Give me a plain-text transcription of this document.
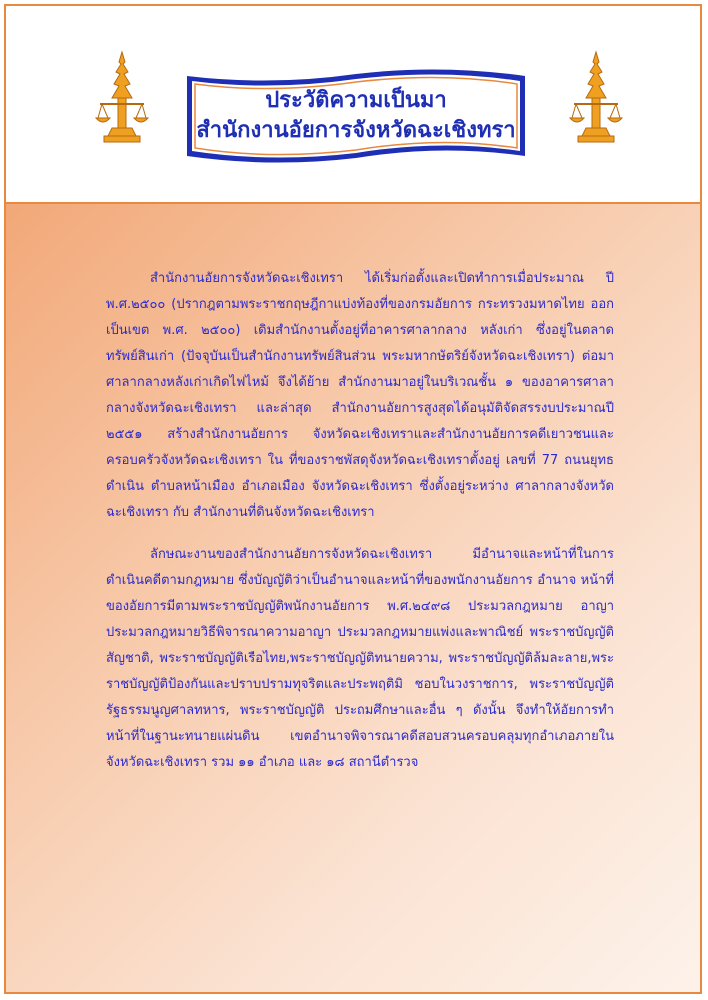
ประวัติความเป็นมา
สำนักงานอัยการจังหวัดฉะเชิงทรา

สำนักงานอัยการจังหวัดฉะเชิงเทรา ได้เริ่มก่อตั้งและเปิดทำการเมื่อประมาณ ปี พ.ศ.๒๕๐๐ (ปรากฎตามพระราชกฤษฎีกาแบ่งท้องที่ของกรมอัยการ กระทรวงมหาดไทย ออกเป็นเขต พ.ศ. ๒๕๐๐) เดิมสำนักงานตั้งอยู่ที่อาคารศาลากลาง หลังเก่า ซึ่งอยู่ในตลาดทรัพย์สินเก่า (ปัจจุบันเป็นสำนักงานทรัพย์สินส่วน พระมหากษัตริย์จังหวัดฉะเชิงเทรา) ต่อมาศาลากลางหลังเก่าเกิดไฟไหม้ จึงได้ย้าย สำนักงานมาอยู่ในบริเวณชั้น ๑ ของอาคารศาลากลางจังหวัดฉะเชิงเทรา และล่าสุด สำนักงานอัยการสูงสุดได้อนุมัติจัดสรรงบประมาณปี ๒๕๕๑ สร้างสำนักงานอัยการ จังหวัดฉะเชิงเทราและสำนักงานอัยการคดีเยาวชนและครอบครัวจังหวัดฉะเชิงเทรา ใน ที่ของราชพัสดุจังหวัดฉะเชิงเทราตั้งอยู่ เลขที่ 77 ถนนยุทธดำเนิน ตำบลหน้าเมือง อำเภอเมือง จังหวัดฉะเชิงเทรา ซึ่งตั้งอยู่ระหว่าง ศาลากลางจังหวัดฉะเชิงเทรา กับ สำนักงานที่ดินจังหวัดฉะเชิงเทรา

ลักษณะงานของสำนักงานอัยการจังหวัดฉะเชิงเทรา มีอำนาจและหน้าที่ในการ ดำเนินคดีตามกฎหมาย ซึ่งบัญญัติว่าเป็นอำนาจและหน้าที่ของพนักงานอัยการ อำนาจ หน้าที่ของอัยการมีตามพระราชบัญญัติพนักงานอัยการ พ.ศ.๒๔๙๘ ประมวลกฎหมาย อาญา ประมวลกฎหมายวิธีพิจารณาความอาญา ประมวลกฎหมายแพ่งและพาณิชย์ พระราชบัญญัติสัญชาติ, พระราชบัญญัติเรือไทย,พระราชบัญญัติทนายความ, พระราชบัญญัติล้มละลาย,พระราชบัญญัติป้องกันและปราบปรามทุจริตและประพฤติมิ ชอบในวงราชการ, พระราชบัญญัติรัฐธรรมนูญศาลทหาร, พระราชบัญญัติ ประถมศึกษาและอื่น ๆ ดังนั้น จึงทำให้อัยการทำหน้าที่ในฐานะทนายแผ่นดิน เขตอำนาจพิจารณาคดีสอบสวนครอบคลุมทุกอำเภอภายในจังหวัดฉะเชิงเทรา รวม ๑๑ อำเภอ และ ๑๘ สถานีตำรวจ
